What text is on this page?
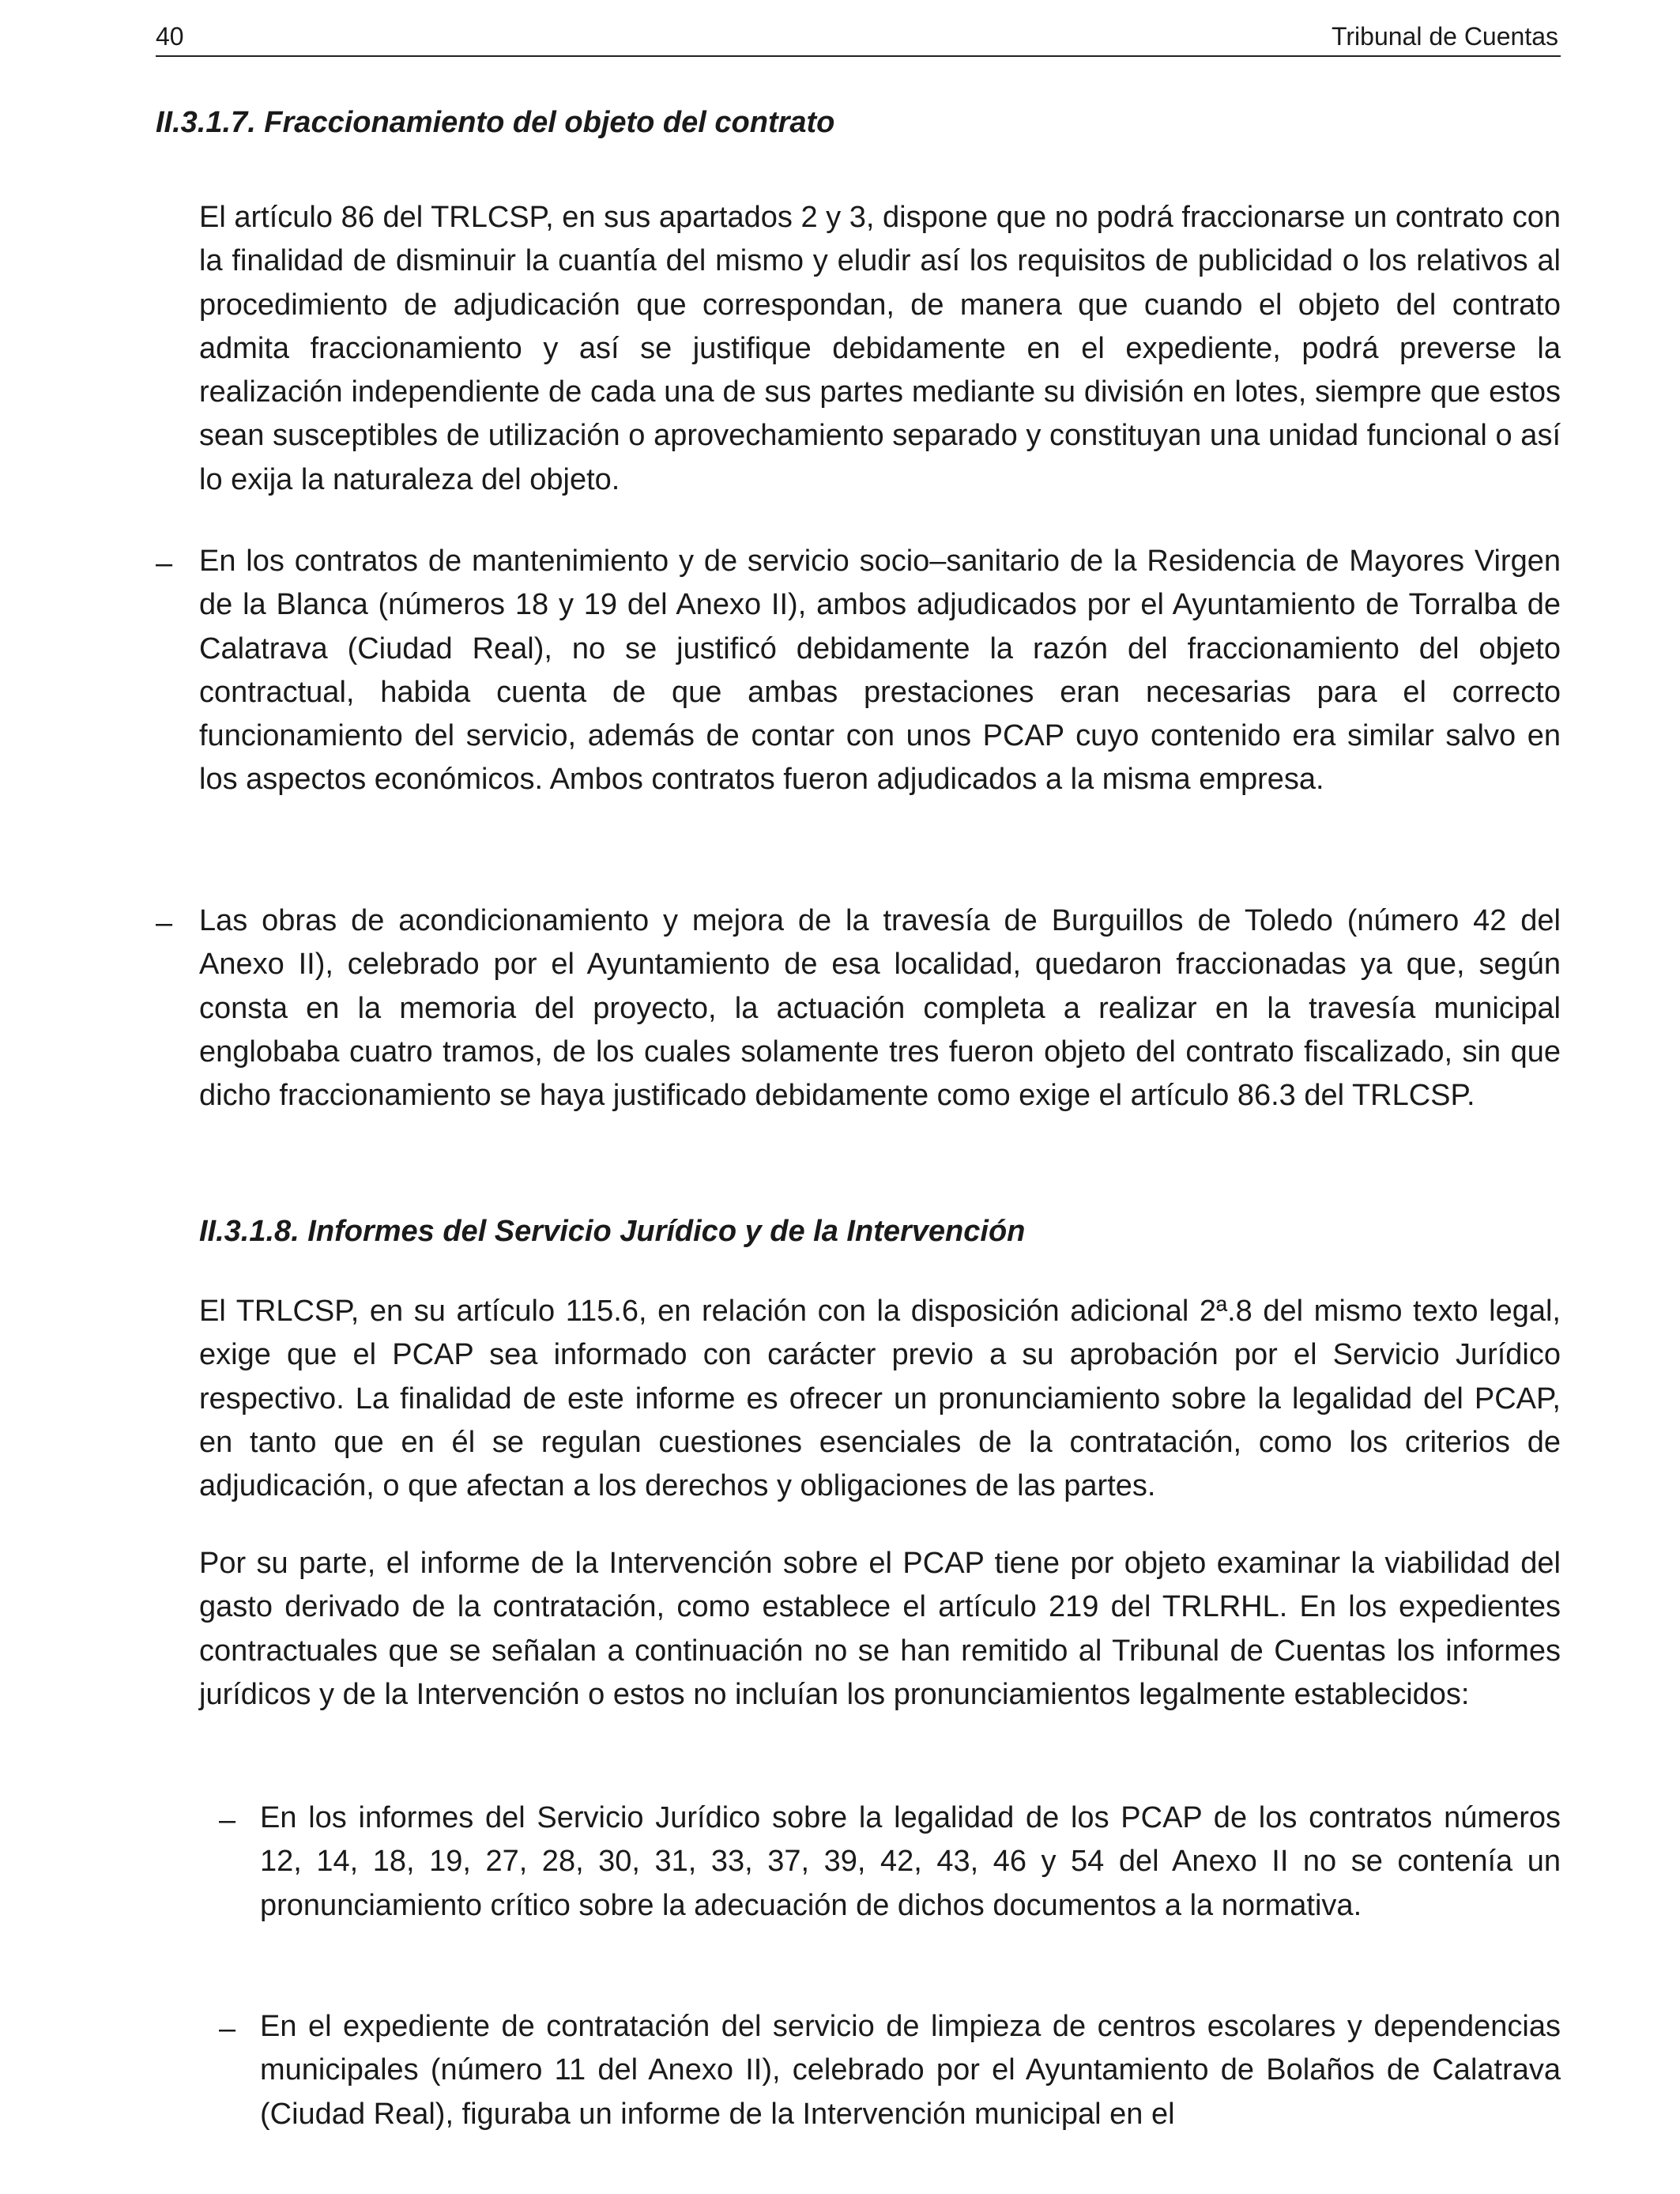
40	Tribunal de Cuentas
II.3.1.7. Fraccionamiento del objeto del contrato

El artículo 86 del TRLCSP, en sus apartados 2 y 3, dispone que no podrá fraccionarse un contrato con la finalidad de disminuir la cuantía del mismo y eludir así los requisitos de publicidad o los relativos al procedimiento de adjudicación que correspondan, de manera que cuando el objeto del contrato admita fraccionamiento y así se justifique debidamente en el expediente, podrá preverse la realización independiente de cada una de sus partes mediante su división en lotes, siempre que estos sean susceptibles de utilización o aprovechamiento separado y constituyan una unidad funcional o así lo exija la naturaleza del objeto.

– En los contratos de mantenimiento y de servicio socio–sanitario de la Residencia de Mayores Virgen de la Blanca (números 18 y 19 del Anexo II), ambos adjudicados por el Ayuntamiento de Torralba de Calatrava (Ciudad Real), no se justificó debidamente la razón del fraccionamiento del objeto contractual, habida cuenta de que ambas prestaciones eran necesarias para el correcto funcionamiento del servicio, además de contar con unos PCAP cuyo contenido era similar salvo en los aspectos económicos. Ambos contratos fueron adjudicados a la misma empresa.

– Las obras de acondicionamiento y mejora de la travesía de Burguillos de Toledo (número 42 del Anexo II), celebrado por el Ayuntamiento de esa localidad, quedaron fraccionadas ya que, según consta en la memoria del proyecto, la actuación completa a realizar en la travesía municipal englobaba cuatro tramos, de los cuales solamente tres fueron objeto del contrato fiscalizado, sin que dicho fraccionamiento se haya justificado debidamente como exige el artículo 86.3 del TRLCSP.

II.3.1.8. Informes del Servicio Jurídico y de la Intervención

El TRLCSP, en su artículo 115.6, en relación con la disposición adicional 2ª.8 del mismo texto legal, exige que el PCAP sea informado con carácter previo a su aprobación por el Servicio Jurídico respectivo. La finalidad de este informe es ofrecer un pronunciamiento sobre la legalidad del PCAP, en tanto que en él se regulan cuestiones esenciales de la contratación, como los criterios de adjudicación, o que afectan a los derechos y obligaciones de las partes.

Por su parte, el informe de la Intervención sobre el PCAP tiene por objeto examinar la viabilidad del gasto derivado de la contratación, como establece el artículo 219 del TRLRHL. En los expedientes contractuales que se señalan a continuación no se han remitido al Tribunal de Cuentas los informes jurídicos y de la Intervención o estos no incluían los pronunciamientos legalmente establecidos:

– En los informes del Servicio Jurídico sobre la legalidad de los PCAP de los contratos números 12, 14, 18, 19, 27, 28, 30, 31, 33, 37, 39, 42, 43, 46 y 54 del Anexo II no se contenía un pronunciamiento crítico sobre la adecuación de dichos documentos a la normativa.

– En el expediente de contratación del servicio de limpieza de centros escolares y dependencias municipales (número 11 del Anexo II), celebrado por el Ayuntamiento de Bolaños de Calatrava (Ciudad Real), figuraba un informe de la Intervención municipal en el
